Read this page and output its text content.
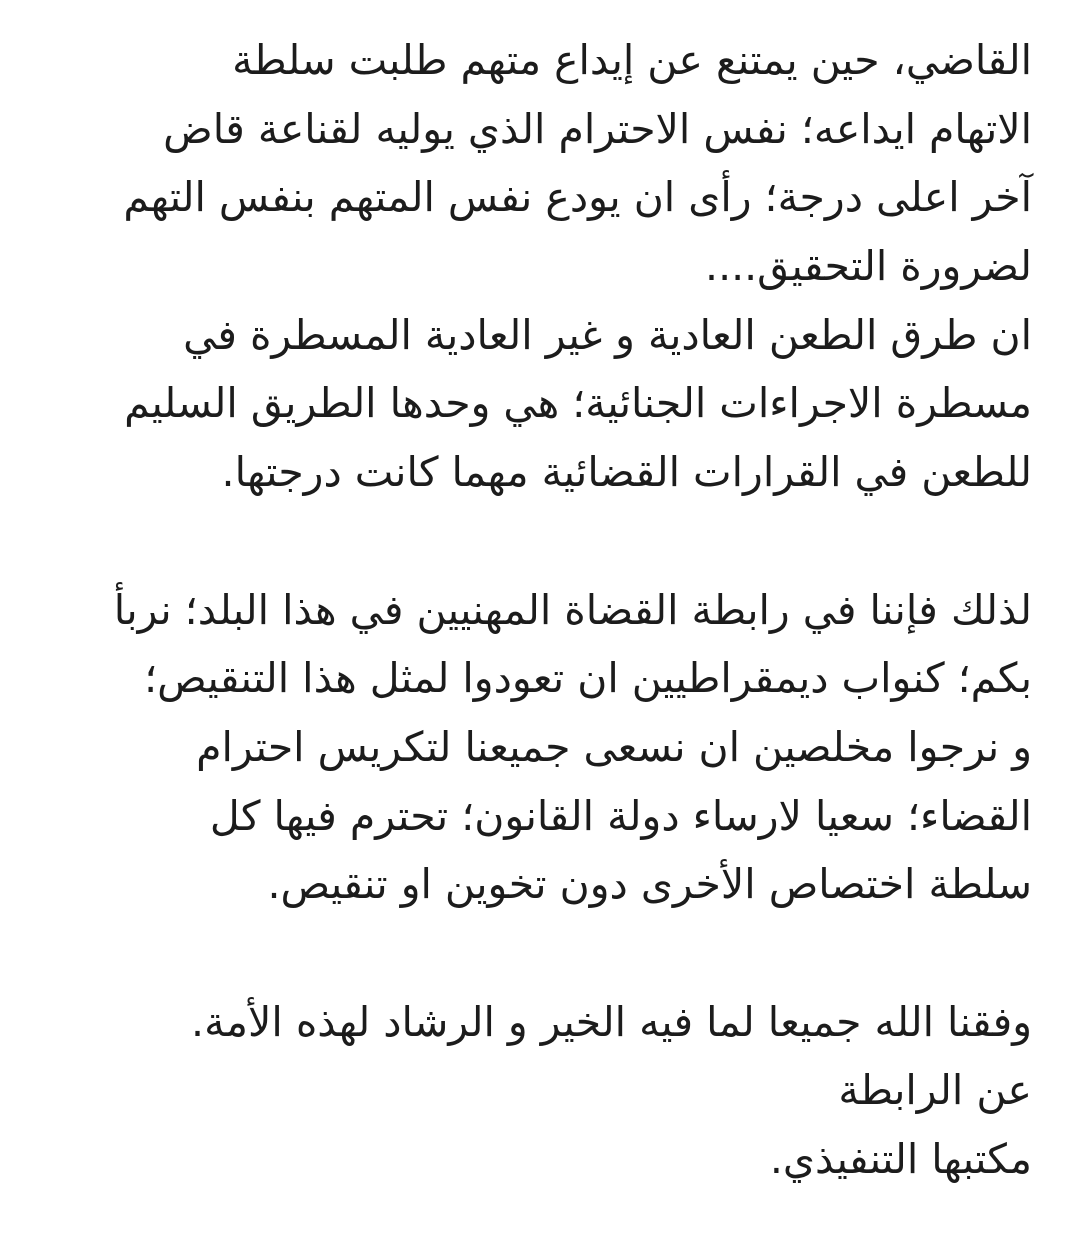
القاضي، حين يمتنع عن إيداع متهم طلبت سلطة
الاتهام ايداعه؛ نفس الاحترام الذي يوليه لقناعة قاض
آخر اعلى درجة؛ رأى ان يودع نفس المتهم بنفس التهم
لضرورة التحقيق....
ان طرق الطعن العادية و غير العادية المسطرة في
مسطرة الاجراءات الجنائية؛ هي وحدها الطريق السليم
للطعن في القرارات القضائية مهما كانت درجتها.
لذلك فإننا في رابطة القضاة المهنيين في هذا البلد؛ نربأ
بكم؛ كنواب ديمقراطيين ان تعودوا لمثل هذا التنقيص؛
و نرجوا مخلصين ان نسعى جميعنا لتكريس احترام
القضاء؛ سعيا لارساء دولة القانون؛ تحترم فيها كل
سلطة اختصاص الأخرى دون تخوين او تنقيص.
وفقنا الله جميعا لما فيه الخير و الرشاد لهذه الأمة.
عن الرابطة
مكتبها التنفيذي.
